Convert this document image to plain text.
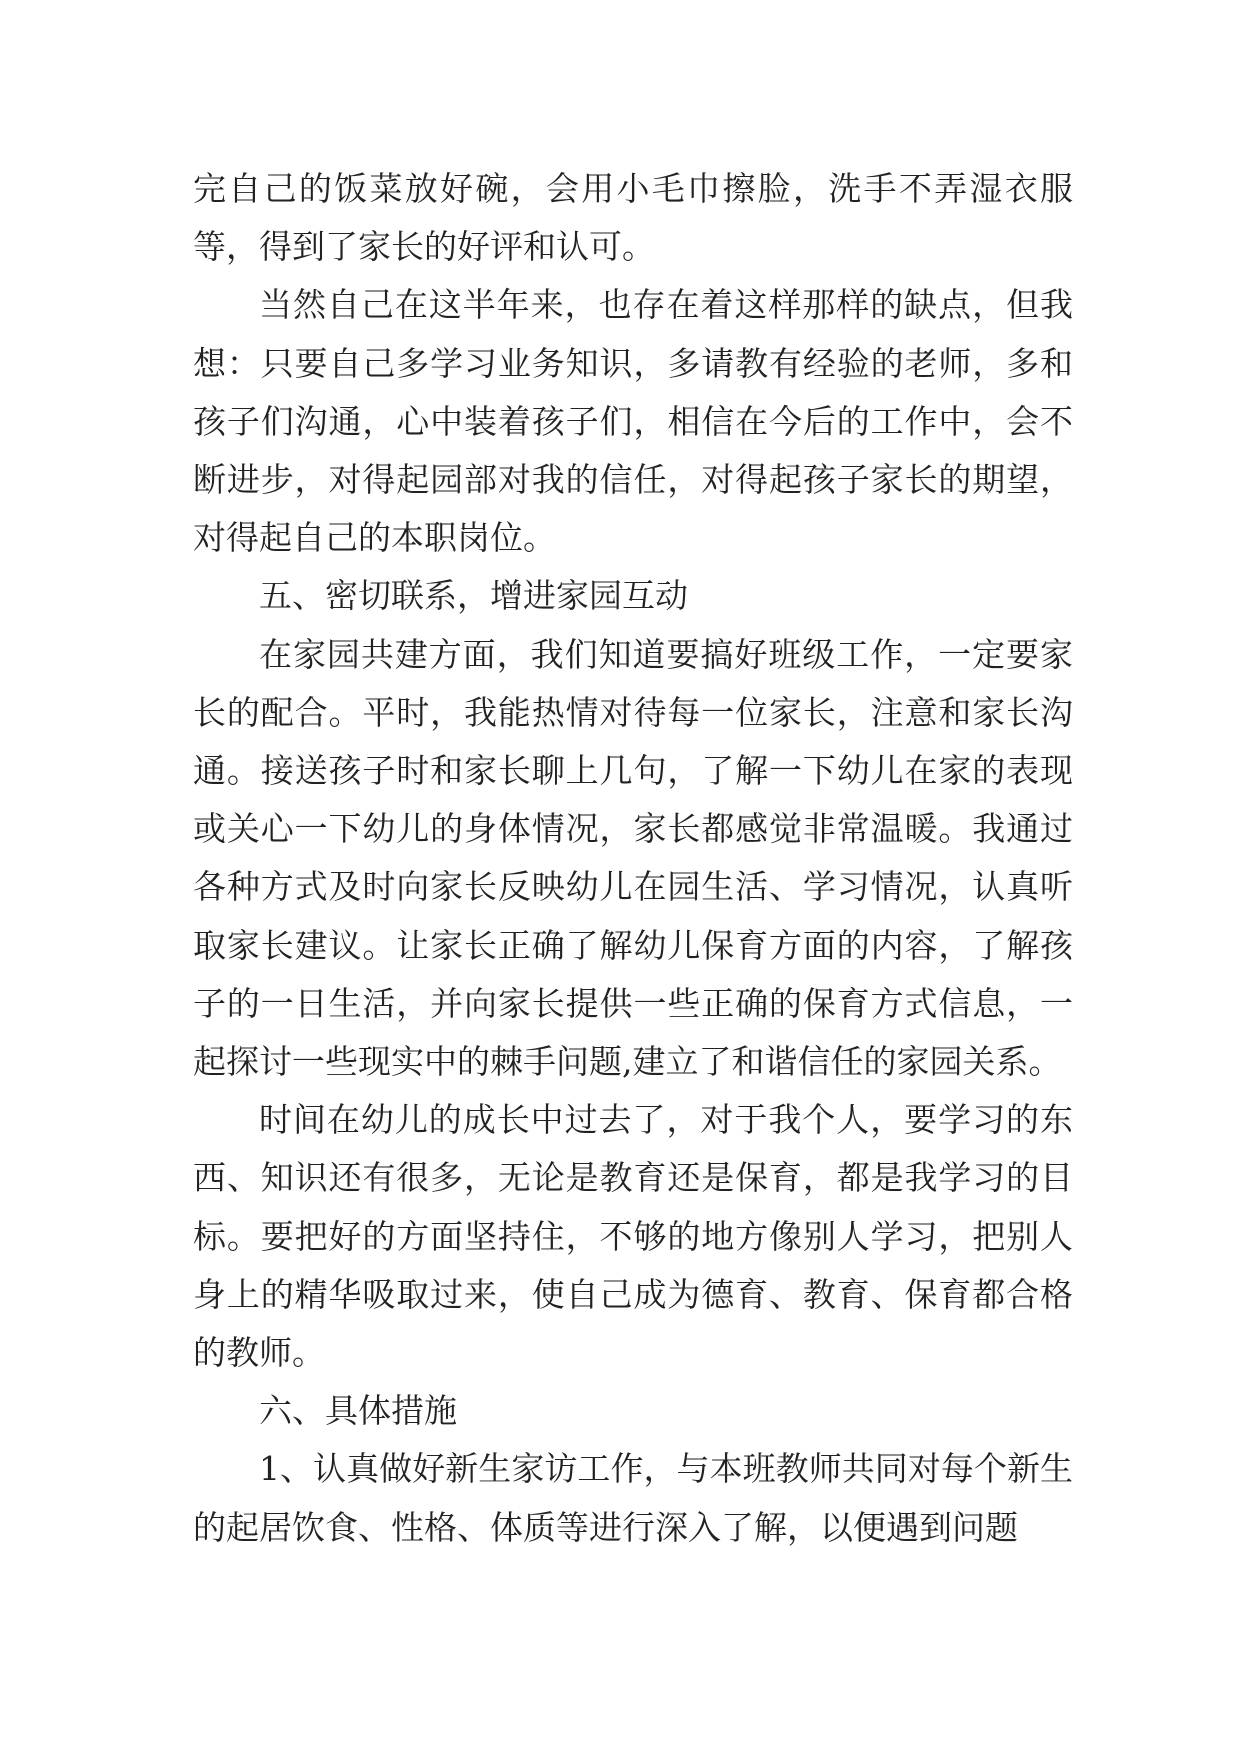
完自己的饭菜放好碗，会用小毛巾擦脸，洗手不弄湿衣服等，得到了家长的好评和认可。

当然自己在这半年来，也存在着这样那样的缺点，但我想：只要自己多学习业务知识，多请教有经验的老师，多和孩子们沟通，心中装着孩子们，相信在今后的工作中，会不断进步，对得起园部对我的信任，对得起孩子家长的期望，对得起自己的本职岗位。

五、密切联系，增进家园互动

在家园共建方面，我们知道要搞好班级工作，一定要家长的配合。平时，我能热情对待每一位家长，注意和家长沟通。接送孩子时和家长聊上几句，了解一下幼儿在家的表现或关心一下幼儿的身体情况，家长都感觉非常温暖。我通过各种方式及时向家长反映幼儿在园生活、学习情况，认真听取家长建议。让家长正确了解幼儿保育方面的内容，了解孩子的一日生活，并向家长提供一些正确的保育方式信息，一起探讨一些现实中的棘手问题,建立了和谐信任的家园关系。

时间在幼儿的成长中过去了，对于我个人，要学习的东西、知识还有很多，无论是教育还是保育，都是我学习的目标。要把好的方面坚持住，不够的地方像别人学习，把别人身上的精华吸取过来，使自己成为德育、教育、保育都合格的教师。

六、具体措施

1、认真做好新生家访工作，与本班教师共同对每个新生的起居饮食、性格、体质等进行深入了解，以便遇到问题
